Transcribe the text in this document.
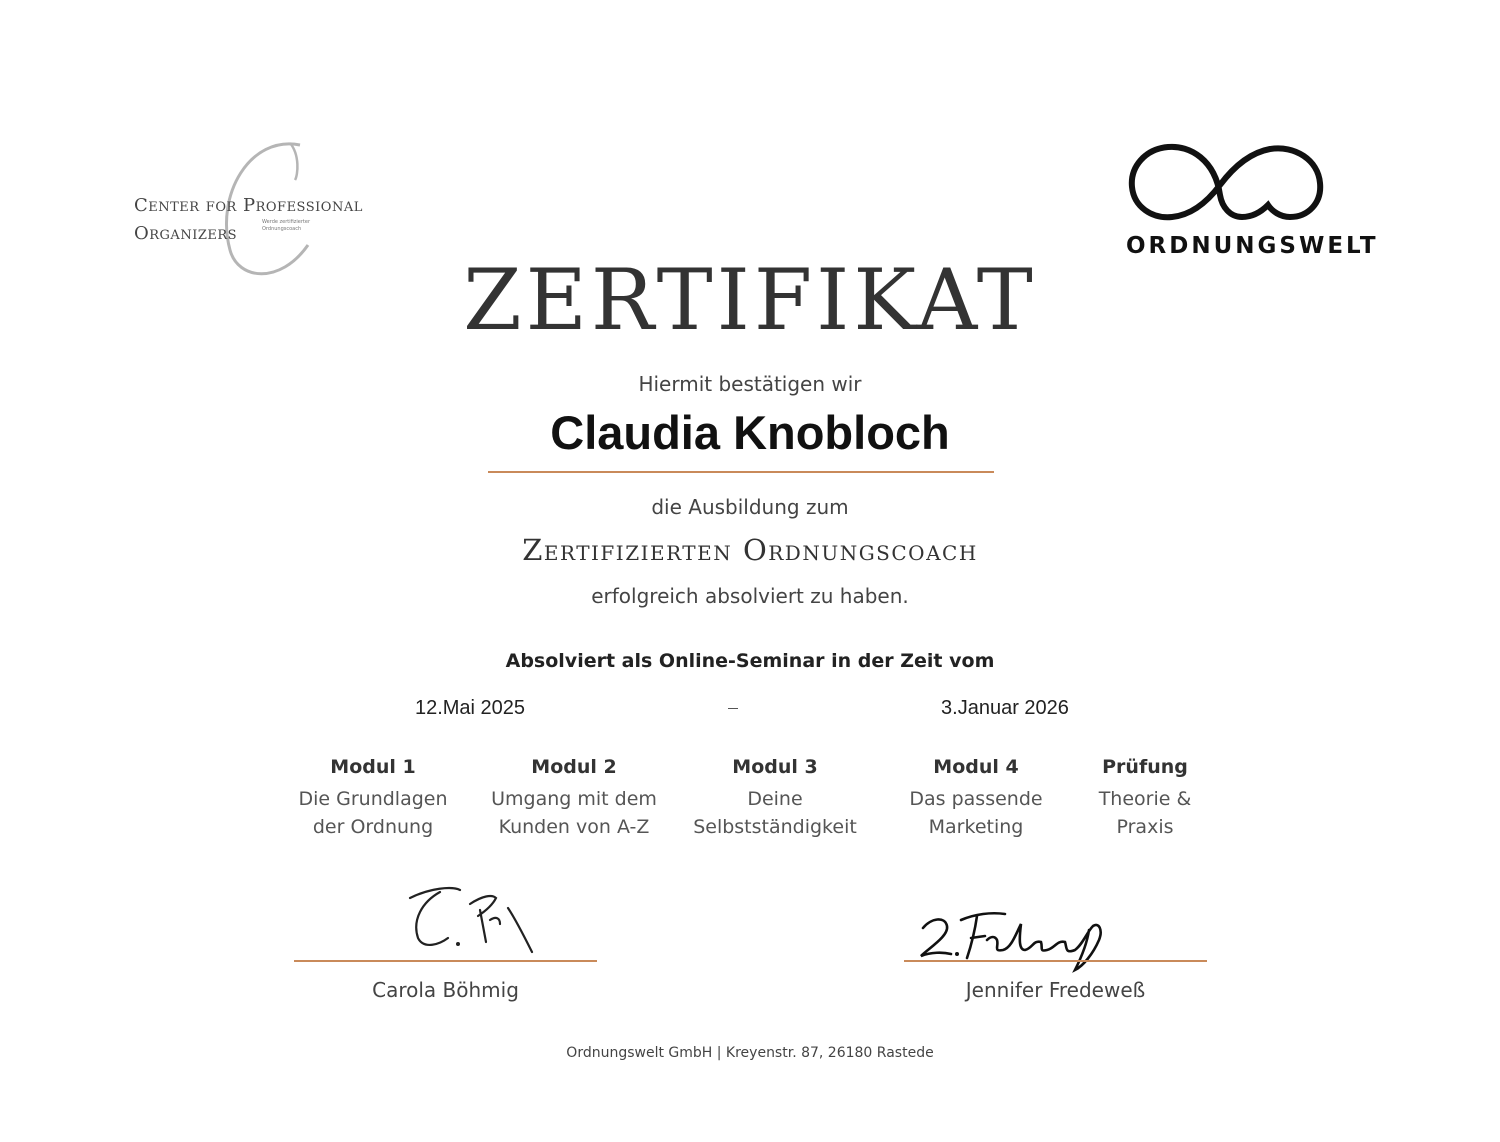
Center for Professional
Organizers
Werde zertifizierter Ordnungscoach
ORDNUNGSWELT
ZERTIFIKAT
Hiermit bestätigen wir
Claudia Knobloch
die Ausbildung zum
Zertifizierten Ordnungscoach
erfolgreich absolviert zu haben.
Absolviert als Online-Seminar in der Zeit vom
12.Mai 2025	3.Januar 2026
Modul 1
Die Grundlagen
der Ordnung
Modul 2
Umgang mit dem
Kunden von A-Z
Modul 3
Deine
Selbstständigkeit
Modul 4
Das passende
Marketing
Prüfung
Theorie &
Praxis
Carola Böhmig	Jennifer Fredeweß
Ordnungswelt GmbH | Kreyenstr. 87, 26180 Rastede
